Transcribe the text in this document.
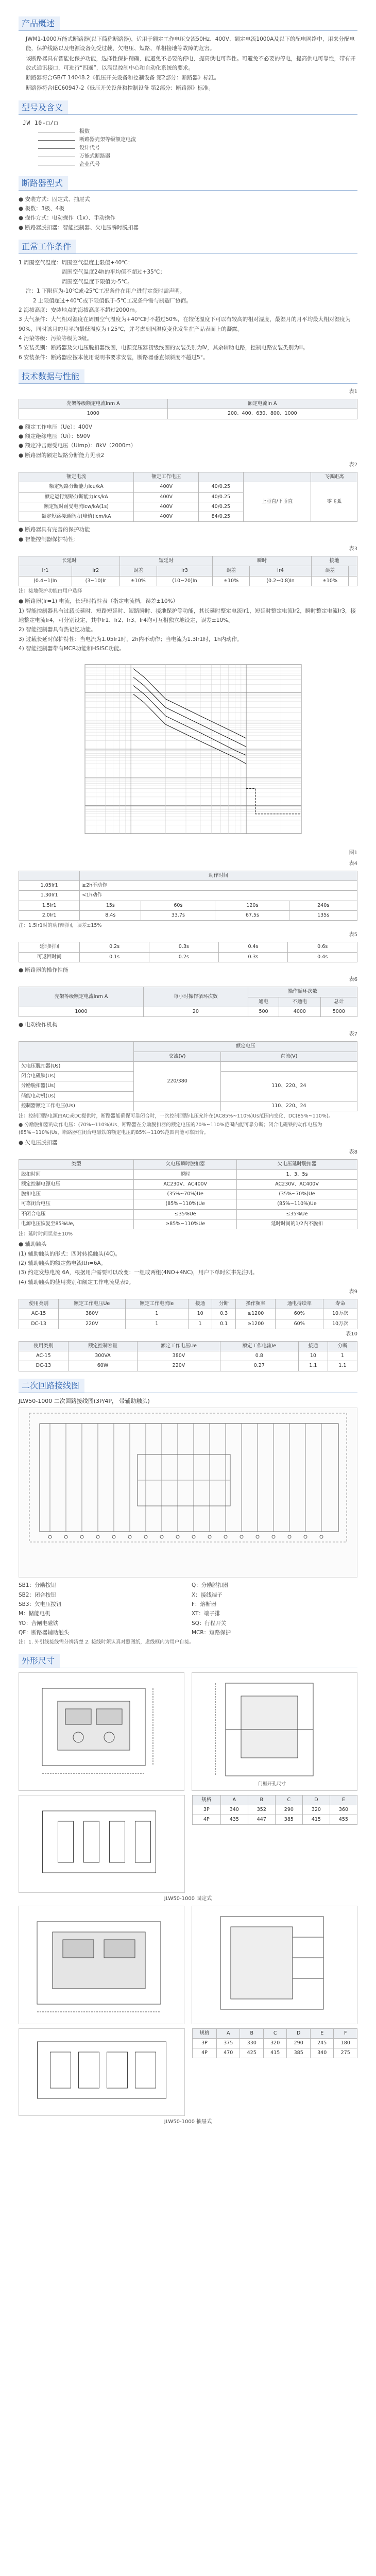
产品概述

JWM1-1000万能式断路器(以下简称断路器)，适用于额定工作电压交流50Hz、400V、额定电流1000A及以下的配电网络中，用来分配电能，保护线路以及电源设备免受过载、欠电压、短路、单相接地等故障的危害。

该断路器具有智能化保护功能，选择性保护精确，能避免不必要的停电，提高供电可靠性。可避免不必要的停电，提高供电可靠性，带有开放式通讯接口，可进行“四遥”，以满足控制中心和自动化系统的要求。

断路器符合GB/T 14048.2《低压开关设备和控制设备 第2部分：断路器》标准。

断路器符合IEC60947-2《低压开关设备和控制设备 第2部分：断路器》标准。

型号及含义
JW 10-□/□
极数
断路器壳架等级额定电流
设计代号
万能式断路器
企业代号
断路器型式

● 安装方式：固定式、抽屉式

● 极数：3极、4极

● 操作方式：电动操作（1x）、手动操作

● 断路器脱扣器：智能控制器、欠电压瞬时脱扣器

正常工作条件

1 周围空气温度：周围空气温度上限值+40℃；

周围空气温度24h的平均值不超过+35℃；

周围空气温度下限值为-5℃。

注：1 下限值为-10℃或-25℃工况条件在用户进行定货时需声明。

2 上限值超过+40℃或下限值低于-5℃工况条件需与制造厂协商。

2 海拔高度：安装地点的海拔高度不超过2000m。

3 大气条件：大气相对湿度在周围空气温度为+40℃时不超过50%，在较低温度下可以有较高的相对湿度，最湿月的月平均最大相对湿度为90%，同时该月的月平均最低温度为+25℃，并考虑到因温度变化发生在产品表面上的凝露。

4 污染等级：污染等级为3级。

5 安装类别：断路器及欠电压脱扣器线圈，电源变压器初级线圈的安装类别为Ⅳ，其余辅助电路，控制电路安装类别为Ⅲ。

6 安装条件：断路器应按本使用说明书要求安装，断路器垂直倾斜度不超过5°。

技术数据与性能
表1
壳架等级额定电流Inm A	额定电流In A
1000	200、400、630、800、1000

● 额定工作电压（Ue）：400V

● 额定绝缘电压（Ui）：690V

● 额定冲击耐受电压（Uimp）：8kV（2000m）

● 断路器的额定短路分断能力见表2

表2
额定电流	额定工作电压			飞弧距离
额定短路分断能力Icu/kA	400V	40/0.25	上垂直/下垂直	零飞弧
额定运行短路分断能力Ics/kA	400V	40/0.25		
额定短时耐受电流Icw/kA(1s)	400V	40/0.25		
额定短路接通能力(峰值)Icm/kA	400V	84/0.25		

● 断路器具有完善的保护功能

● 智能控制器保护特性：

表3
长延时		短延时		瞬时		接地	
Ir1	Ir2	误差	Ir3	误差	Ir4	误差	
(0.4~1)In	(3~10)Ir	±10%	(10~20)In	±10%	(0.2~0.8)In	±10%	
注：接地保护功能由用户选择

● 断路器(Ir=1) 电流，长延时特性表（指定电流档，误差±10%）

1) 智能控制器具有过载长延时、短路短延时、短路瞬时、接地保护等功能，其长延时整定电流Ir1，短延时整定电流Ir2，瞬时整定电流Ir3，接地整定电流Ir4，可分别设定，其中Ir1、Ir2、Ir3、Ir4均可互相独立地设定，误差±10%。

2) 智能控制器具有热记忆功能。

3) 过载长延时保护特性：当电流为1.05Ir1时，2h内不动作；当电流为1.3Ir1时，1h内动作。

4) 智能控制器带有MCR功能和HSISC功能。

图1
表4
	动作时间			
1.05Ir1	≥2h不动作			
1.30Ir1	<1h动作			
1.5Ir1	15s	60s	120s	240s
2.0Ir1	8.4s	33.7s	67.5s	135s
注：1.5Ir1时的动作时间，误差±15%
表5
延时时间	0.2s	0.3s	0.4s	0.6s
可返回时间	0.1s	0.2s	0.3s	0.4s

● 断路器的操作性能

表6
壳架等级额定电流Inm A	每小时操作循环次数	操作循环次数		
		通电	不通电	总计
1000	20	500	4000	5000

● 电动操作机构

表7
	额定电压	
	交流(V)	直流(V)
欠电压脱扣器(Us)	220/380	
闭合电磁铁(Us)		110、220、24
分励脱扣器(Us)		
储能电动机(Us)		
控制器额定工作电压(Us)		110、220、24
注：控制回路电源由AC或DC提供时，断路器能确保可靠闭合时，一次控制回路电压允许在(AC85%~110%)Us范围内变化，DC(85%~110%)。
● 分励脱扣器的动作电压：(70%~110%)Us，断路器在分励脱扣器的额定电压的70%~110%范围内能可靠分断；闭合电磁铁的动作电压为(85%~110%)Us，断路器在闭合电磁铁的额定电压的85%~110%范围内能可靠闭合。

● 欠电压脱扣器

表8
类型	欠电压瞬时脱扣器	欠电压延时脱扣器
脱扣时间	瞬时	1、3、5s
额定控制电源电压	AC230V、AC400V	AC230V、AC400V
脱扣电压	(35%~70%)Ue	(35%~70%)Ue
可靠闭合电压	(85%~110%)Ue	(85%~110%)Ue
不闭合电压	≤35%Ue	≤35%Ue
电源电压恢复至85%Ue,	≥85%~110%Ue	延时时间的1/2内不脱扣
注：延时时间误差±10%

● 辅助触头

(1) 辅助触头的形式：四对转换触头(4C)。

(2) 辅助触头的额定热电流Ith=6A。

(3) 约定发热电流 6A，根据用户需要可以改变：一组或两组(4NO+4NC)，用户下单时须事先注明。

(4) 辅助触头的使用类别和额定工作电流见表9。

表9
使用类别	额定工作电压Ue	额定工作电流Ie	接通	分断	操作频率	通电持续率	寿命
AC-15	380V	1	10	0.3	≥1200	60%	10万次
DC-13	220V	1	1	0.1	≥1200	60%	10万次
表10
使用类别	额定控制容量	额定工作电压Ue	额定工作电流Ie	接通	分断
AC-15	300VA	380V	0.8	10	1
DC-13	60W	220V	0.27	1.1	1.1
二次回路接线图
JLW50-1000 二次回路接线图(3P/4P， 带辅助触头)

SB1：分励按钮

SB2：闭合按钮

SB3：欠电压按钮

M：储能电机

YO：合闸电磁铁

QF：断路器辅助触头

Q：分励脱扣器

X：接线端子

F：熔断器

XT：端子排

SQ：行程开关

MCR：短路保护

注：1. 外引线接线需分辨清楚 2. 接线时须认真对照图纸，虚线框内为用户自接。
外形尺寸
门框开孔尺寸
规格	A	B	C	D	E
3P	340	352	290	320	360
4P	435	447	385	415	455
JLW50-1000 固定式
规格	A	B	C	D	E	F
3P	375	330	320	290	245	180
4P	470	425	415	385	340	275
JLW50-1000 抽屉式
